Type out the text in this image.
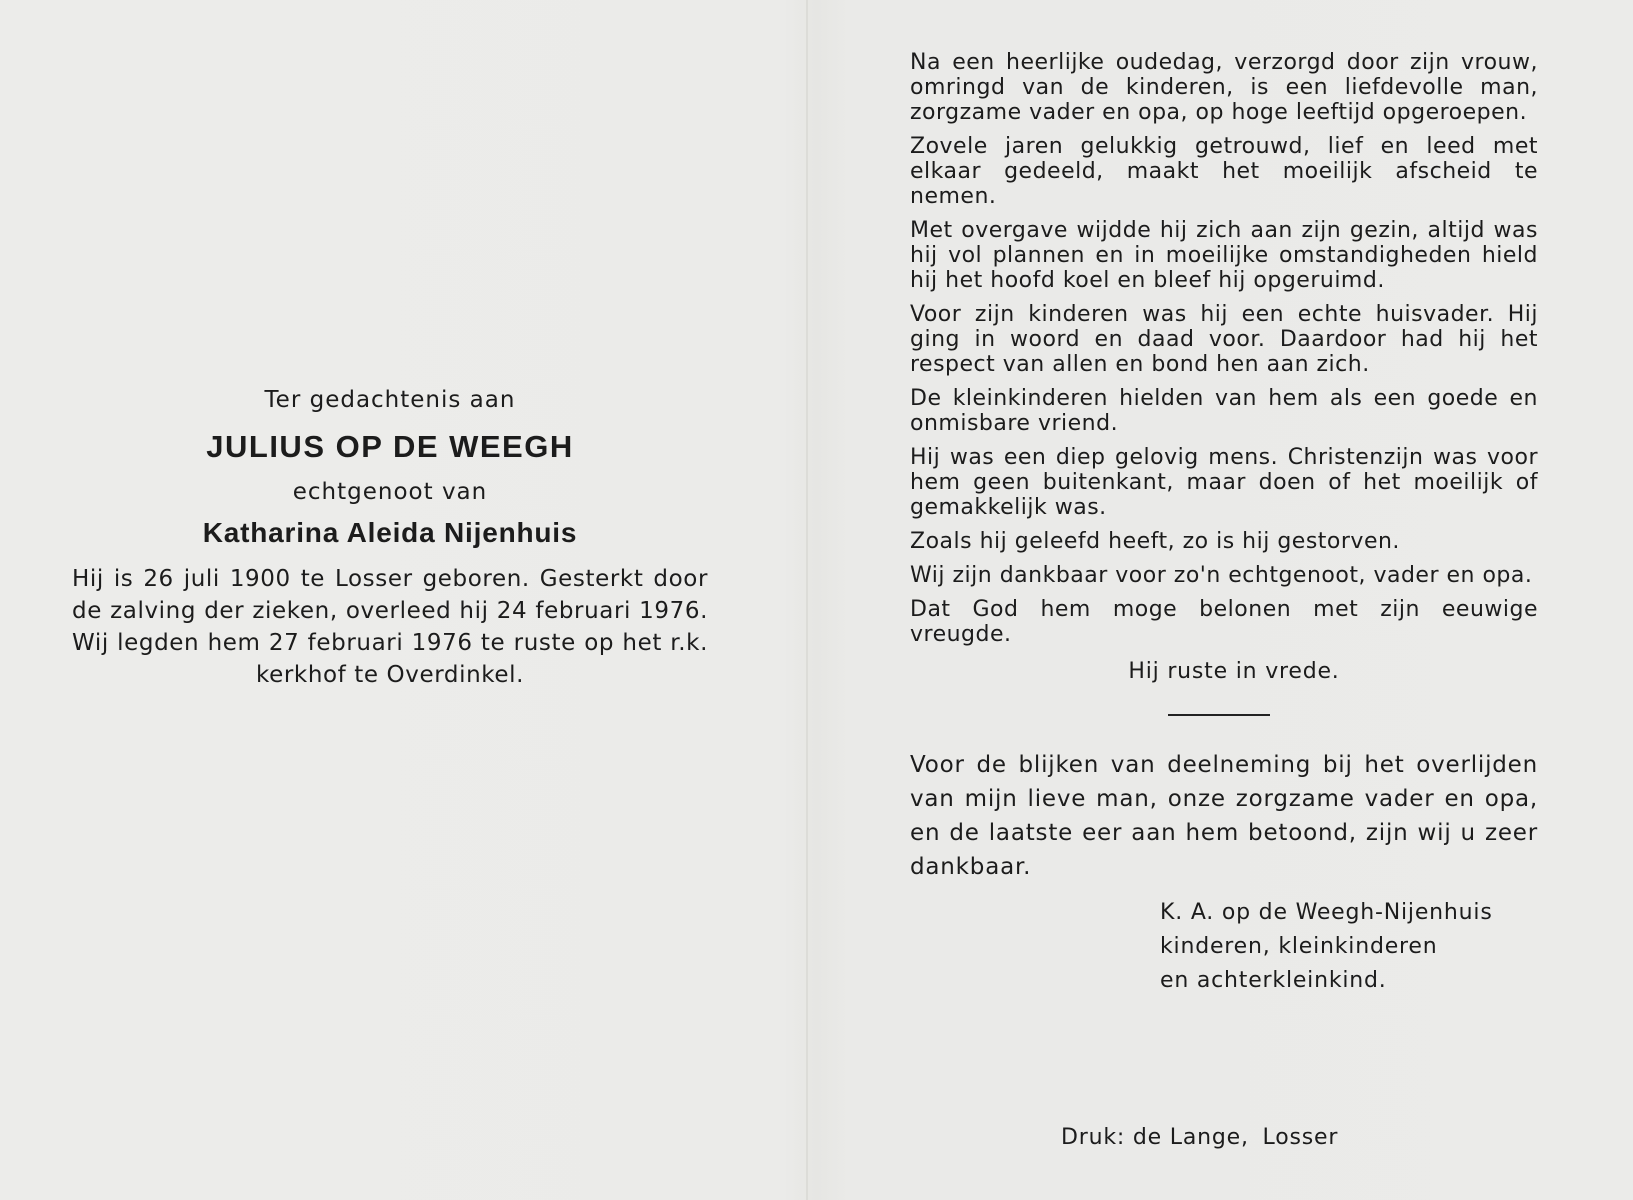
Ter gedachtenis aan
JULIUS OP DE WEEGH
echtgenoot van
Katharina Aleida Nijenhuis
Hij is 26 juli 1900 te Losser geboren. Gesterkt door de zalving der zieken, overleed hij 24 februari 1976. Wij legden hem 27 februari 1976 te ruste op het r.k. kerkhof te Overdinkel.

Na een heerlijke oudedag, verzorgd door zijn vrouw, omringd van de kinderen, is een liefdevolle man, zorgzame vader en opa, op hoge leeftijd opgeroepen.

Zovele jaren gelukkig getrouwd, lief en leed met elkaar gedeeld, maakt het moeilijk afscheid te nemen.

Met overgave wijdde hij zich aan zijn gezin, altijd was hij vol plannen en in moeilijke omstandigheden hield hij het hoofd koel en bleef hij opgeruimd.

Voor zijn kinderen was hij een echte huisvader. Hij ging in woord en daad voor. Daardoor had hij het respect van allen en bond hen aan zich.

De kleinkinderen hielden van hem als een goede en onmisbare vriend.

Hij was een diep gelovig mens. Christenzijn was voor hem geen buitenkant, maar doen of het moeilijk of gemakkelijk was.

Zoals hij geleefd heeft, zo is hij gestorven.

Wij zijn dankbaar voor zo'n echtgenoot, vader en opa.

Dat God hem moge belonen met zijn eeuwige vreugde.

Hij ruste in vrede.
Voor de blijken van deelneming bij het overlijden van mijn lieve man, onze zorgzame vader en opa, en de laatste eer aan hem betoond, zijn wij u zeer dankbaar.
K. A. op de Weegh-Nijenhuis
kinderen, kleinkinderen
en achterkleinkind.
Druk: de Lange, Losser
